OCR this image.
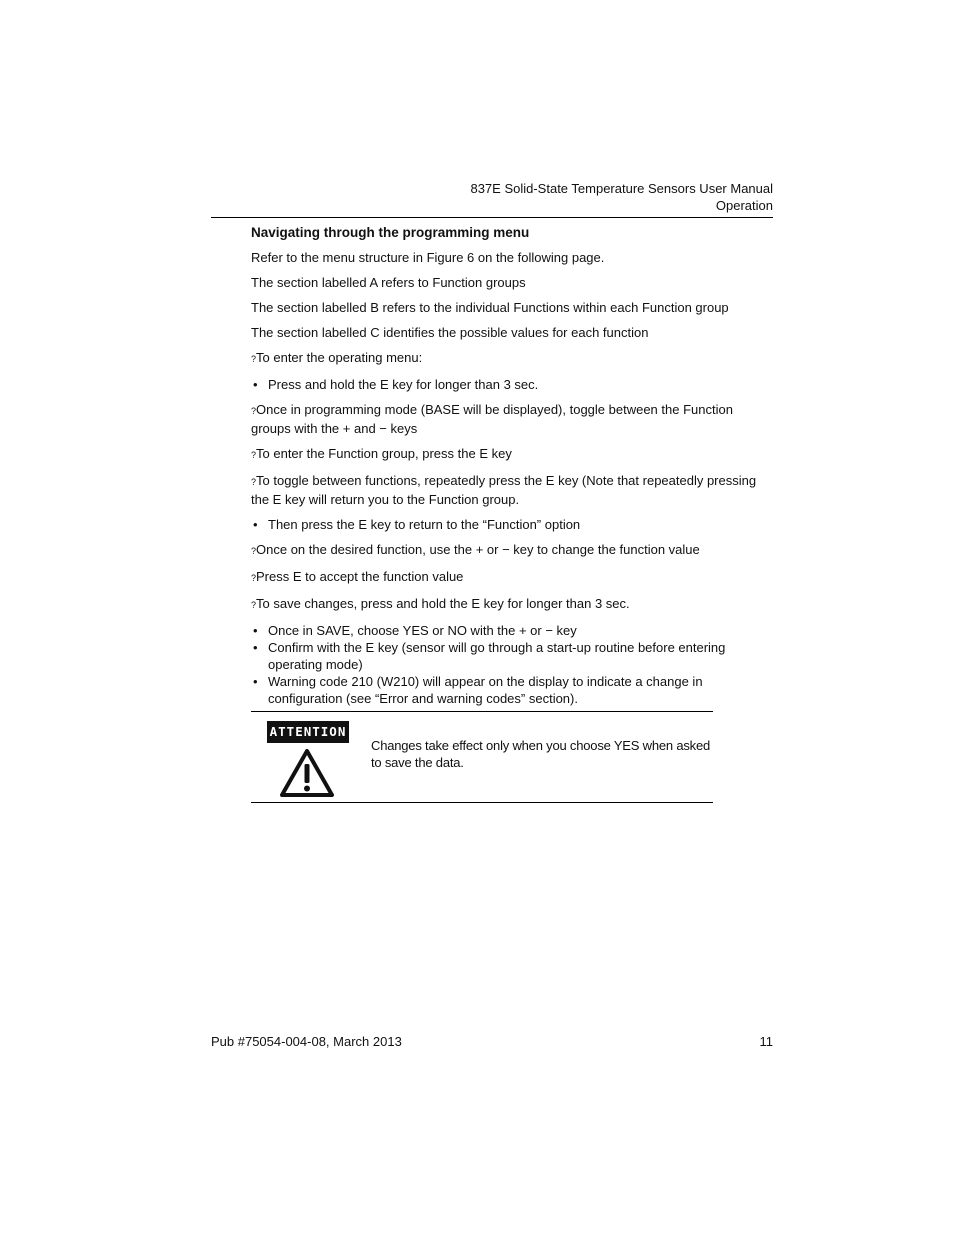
837E Solid-State Temperature Sensors User Manual
Operation
Navigating through the programming menu
Refer to the menu structure in Figure 6 on the following page.
The section labelled A refers to Function groups
The section labelled B refers to the individual Functions within each Function group
The section labelled C identifies the possible values for each function
?To enter the operating menu:
• Press and hold the E key for longer than 3 sec.
?Once in programming mode (BASE will be displayed), toggle between the Function groups with the + and − keys
?To enter the Function group, press the E key
?To toggle between functions, repeatedly press the E key (Note that repeatedly pressing the E key will return you to the Function group.
• Then press the E key to return to the “Function” option
?Once on the desired function, use the + or − key to change the function value
?Press E to accept the function value
?To save changes, press and hold the E key for longer than 3 sec.
• Once in SAVE, choose YES or NO with the + or − key
• Confirm with the E key (sensor will go through a start-up routine before entering operating mode)
• Warning code 210 (W210) will appear on the display to indicate a change in configuration (see “Error and warning codes” section).
ATTENTION
Changes take effect only when you choose YES when asked to save the data.
Pub #75054-004-08, March 2013	11
